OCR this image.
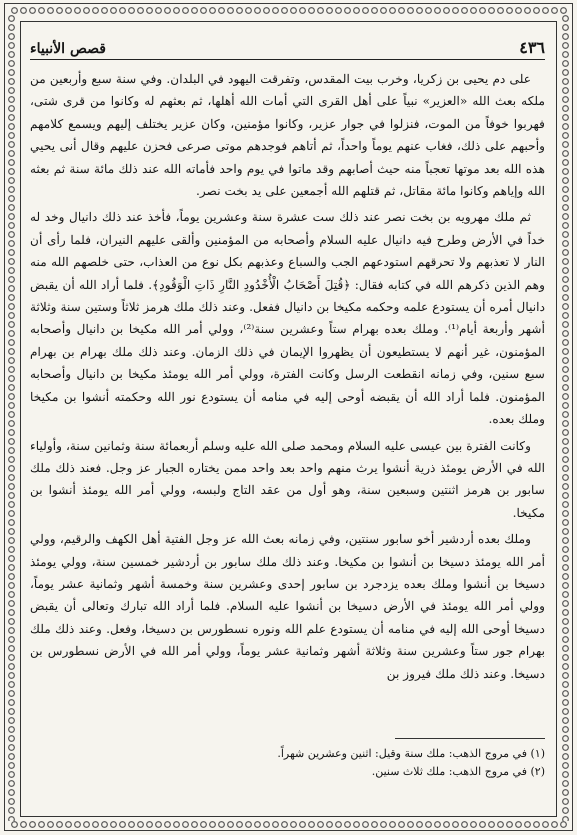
٤٣٦
قصص الأنبياء

على دم يحيى بن زكريا، وخرب بيت المقدس، وتفرقت اليهود في البلدان. وفي سنة سبع وأربعين من ملكه بعث الله «العزير» نبياً على أهل القرى التي أمات الله أهلها، ثم بعثهم له وكانوا من قرى شتى، فهربوا خوفاً من الموت، فنزلوا في جوار عزير، وكانوا مؤمنين، وكان عزير يختلف إليهم ويسمع كلامهم وأحبهم على ذلك، فغاب عنهم يوماً واحداً، ثم أتاهم فوجدهم موتى صرعى فحزن عليهم وقال أنى يحيي هذه الله بعد موتها تعجباً منه حيث أصابهم وقد ماتوا في يوم واحد فأماته الله عند ذلك مائة سنة ثم بعثه الله وإياهم وكانوا مائة مقاتل، ثم قتلهم الله أجمعين على يد بخت نصر.

ثم ملك مهرويه بن بخت نصر عند ذلك ست عشرة سنة وعشرين يوماً، فأخذ عند ذلك دانيال وخد له خداً في الأرض وطرح فيه دانيال عليه السلام وأصحابه من المؤمنين وألقى عليهم النيران، فلما رأى أن النار لا تعذبهم ولا تحرقهم استودعهم الجب والسباع وعذبهم بكل نوع من العذاب، حتى خلصهم الله منه وهم الذين ذكرهم الله في كتابه فقال: ﴿قُتِلَ أَصْحَابُ الْأُخْدُودِ النَّارِ ذَاتِ الْوَقُودِ﴾. فلما أراد الله أن يقبض دانيال أمره أن يستودع علمه وحكمه مكيخا بن دانيال ففعل. وعند ذلك ملك هرمز ثلاثاً وستين سنة وثلاثة أشهر وأربعة أيام⁽¹⁾. وملك بعده بهرام ستاً وعشرين سنة⁽²⁾، وولي أمر الله مكيخا بن دانيال وأصحابه المؤمنون، غير أنهم لا يستطيعون أن يظهروا الإيمان في ذلك الزمان. وعند ذلك ملك بهرام بن بهرام سبع سنين، وفي زمانه انقطعت الرسل وكانت الفترة، وولي أمر الله يومئذ مكيخا بن دانيال وأصحابه المؤمنون. فلما أراد الله أن يقبضه أوحى إليه في منامه أن يستودع نور الله وحكمته أنشوا بن مكيخا وملك بعده.

وكانت الفترة بين عيسى عليه السلام ومحمد صلى الله عليه وسلم أربعمائة سنة وثمانين سنة، وأولياء الله في الأرض يومئذ ذرية أنشوا يرث منهم واحد بعد واحد ممن يختاره الجبار عز وجل. فعند ذلك ملك سابور بن هرمز اثنتين وسبعين سنة، وهو أول من عقد التاج ولبسه، وولي أمر الله يومئذ أنشوا بن مكيخا.

وملك بعده أردشير أخو سابور سنتين، وفي زمانه بعث الله عز وجل الفتية أهل الكهف والرقيم، وولي أمر الله يومئذ دسيخا بن أنشوا بن مكيخا. وعند ذلك ملك سابور بن أردشير خمسين سنة، وولي يومئذ دسيخا بن أنشوا وملك بعده يزدجرد بن سابور إحدى وعشرين سنة وخمسة أشهر وثمانية عشر يوماً، وولي أمر الله يومئذ في الأرض دسيخا بن أنشوا عليه السلام. فلما أراد الله تبارك وتعالى أن يقبض دسيخا أوحى الله إليه في منامه أن يستودع علم الله ونوره نسطورس بن دسيخا، وفعل. وعند ذلك ملك بهرام جور ستاً وعشرين سنة وثلاثة أشهر وثمانية عشر يوماً، وولي أمر الله في الأرض نسطورس بن دسيخا. وعند ذلك ملك فيروز بن

(١) في مروج الذهب: ملك سنة وقيل: اثنين وعشرين شهراً.

(٢) في مروج الذهب: ملك ثلاث سنين.
